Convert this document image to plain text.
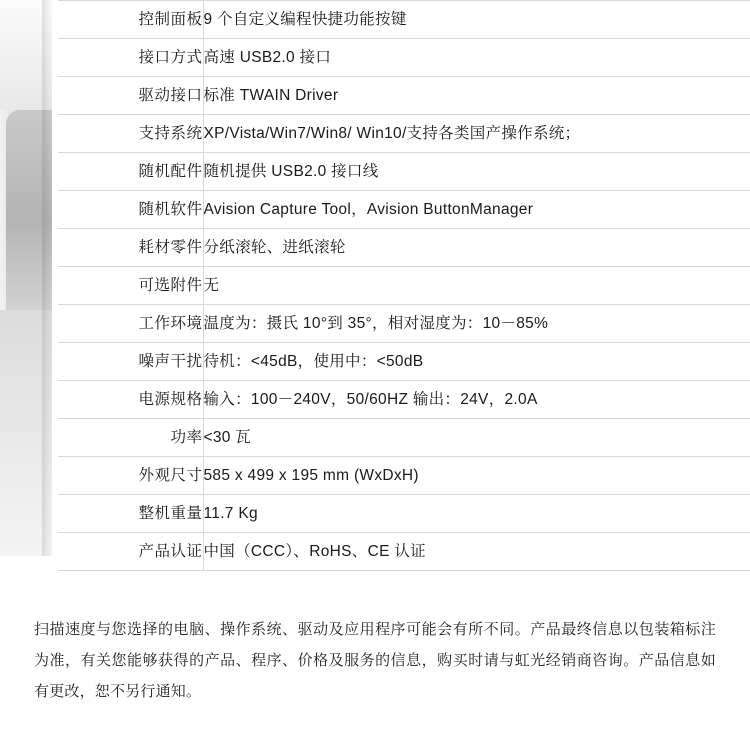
控制面板	9 个自定义编程快捷功能按键
接口方式	高速 USB2.0 接口
驱动接口	标准 TWAIN Driver
支持系统	XP/Vista/Win7/Win8/ Win10/支持各类国产操作系统；
随机配件	随机提供 USB2.0 接口线
随机软件	Avision Capture Tool，Avision ButtonManager
耗材零件	分纸滚轮、进纸滚轮
可选附件	无
工作环境	温度为：摄氏 10°到 35°，相对湿度为：10－85%
噪声干扰	待机：<45dB，使用中：<50dB
电源规格	输入：100－240V，50/60HZ 输出：24V，2.0A
功率	<30 瓦
外观尺寸	585 x 499 x 195 mm (WxDxH)
整机重量	11.7 Kg
产品认证	中国（CCC）、RoHS、CE 认证

扫描速度与您选择的电脑、操作系统、驱动及应用程序可能会有所不同。产品最终信息以包装箱标注为准，有关您能够获得的产品、程序、价格及服务的信息，购买时请与虹光经销商咨询。产品信息如有更改，恕不另行通知。
